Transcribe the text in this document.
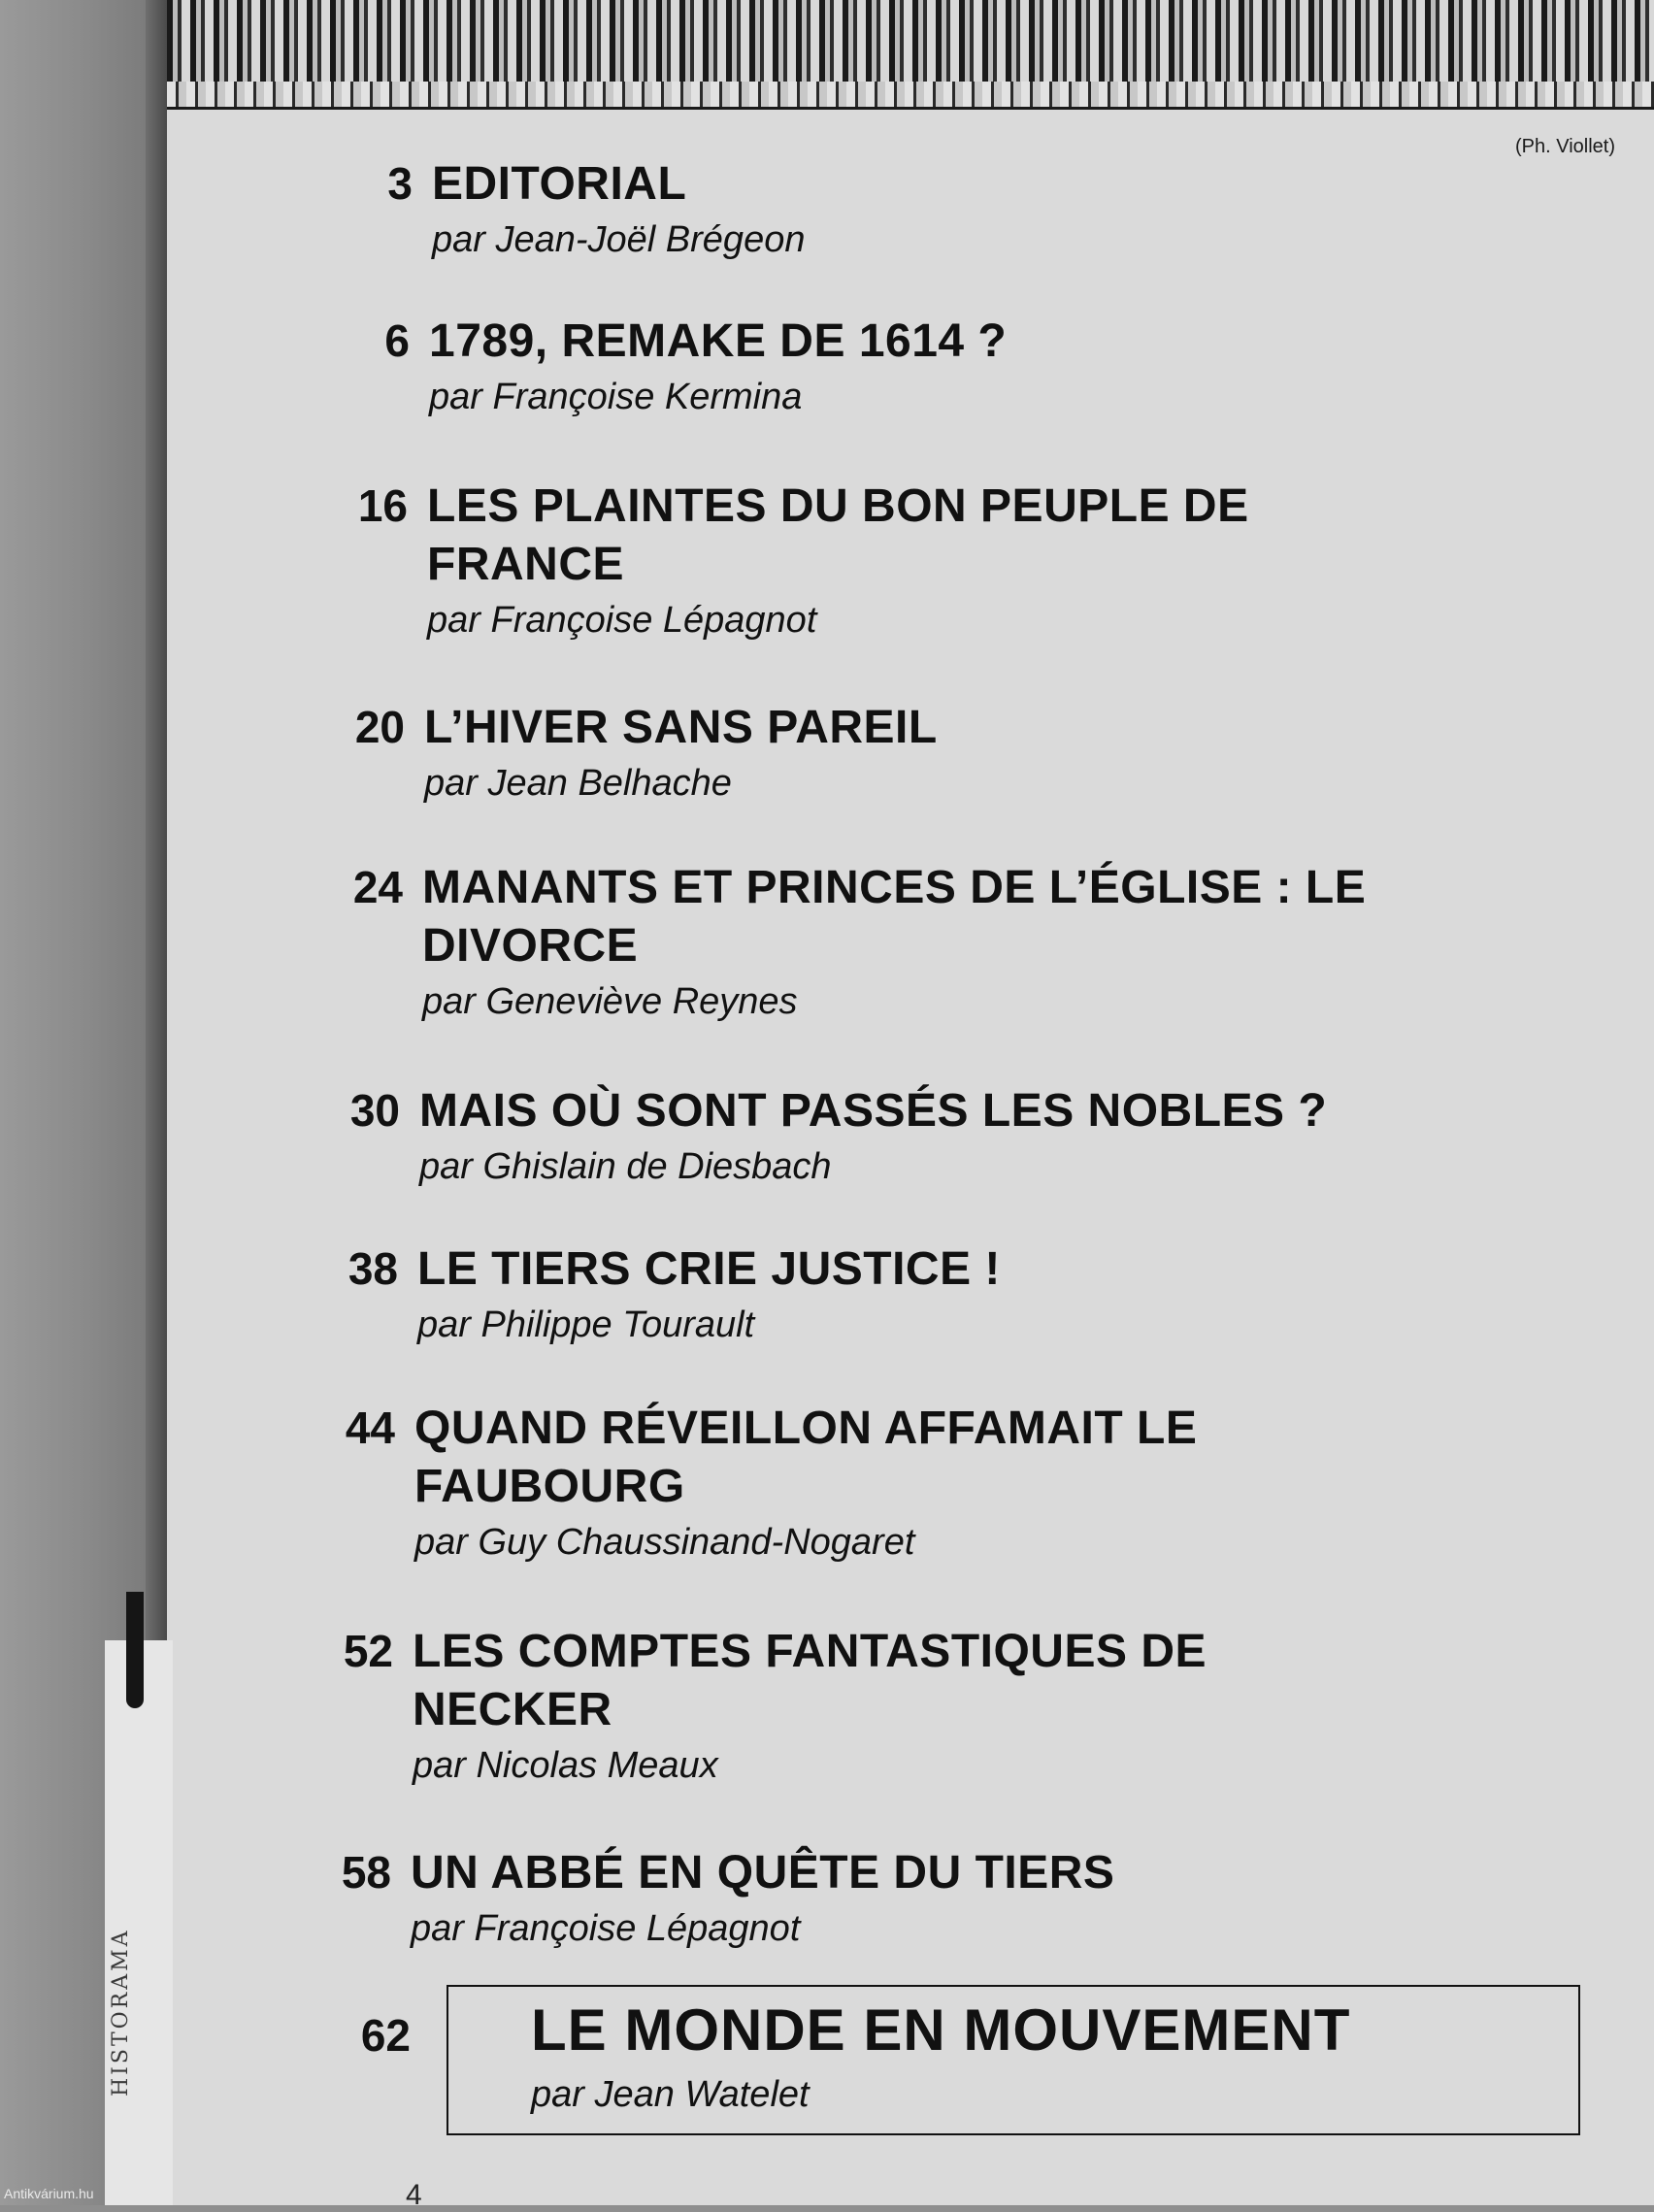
HISTORAMA
(Ph. Viollet)
3 EDITORIAL
par Jean-Joël Brégeon
6 1789, REMAKE DE 1614 ?
par Françoise Kermina
16 LES PLAINTES DU BON PEUPLE DE FRANCE
par Françoise Lépagnot
20 L’HIVER SANS PAREIL
par Jean Belhache
24 MANANTS ET PRINCES DE L’ÉGLISE : LE DIVORCE
par Geneviève Reynes
30 MAIS OÙ SONT PASSÉS LES NOBLES ?
par Ghislain de Diesbach
38 LE TIERS CRIE JUSTICE !
par Philippe Tourault
44 QUAND RÉVEILLON AFFAMAIT LE FAUBOURG
par Guy Chaussinand-Nogaret
52 LES COMPTES FANTASTIQUES DE NECKER
par Nicolas Meaux
58 UN ABBÉ EN QUÊTE DU TIERS
par Françoise Lépagnot
62 LE MONDE EN MOUVEMENT
par Jean Watelet
4
Antikvárium.hu
